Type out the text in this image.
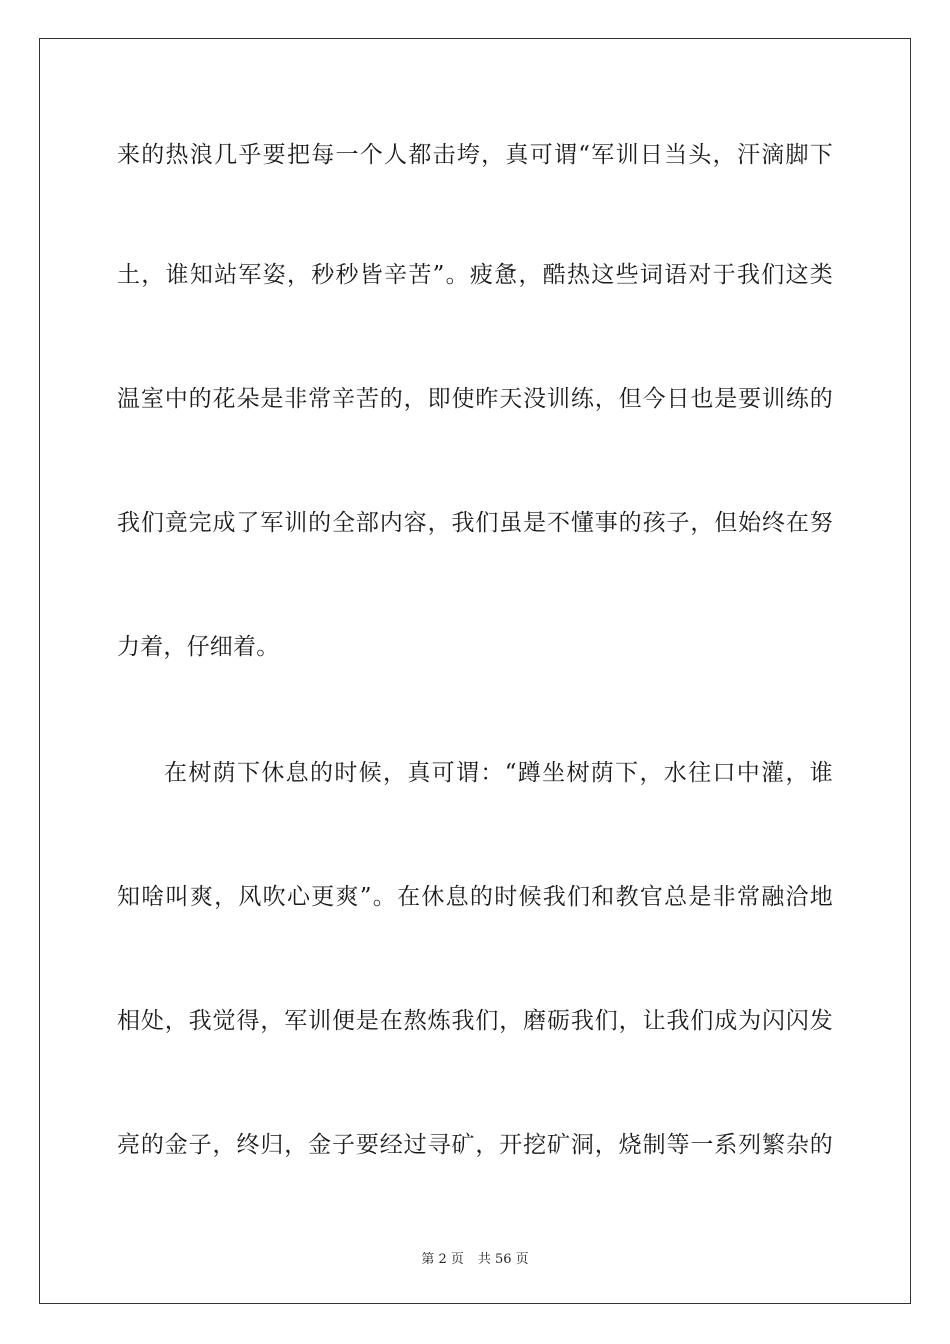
来的热浪几乎要把每一个人都击垮，真可谓“军训日当头，汗滴脚下
土，谁知站军姿，秒秒皆辛苦”。疲惫，酷热这些词语对于我们这类
温室中的花朵是非常辛苦的，即使昨天没训练，但今日也是要训练的
我们竟完成了军训的全部内容，我们虽是不懂事的孩子，但始终在努
力着，仔细着。
在树荫下休息的时候，真可谓：“蹲坐树荫下，水往口中灌，谁
知啥叫爽，风吹心更爽”。在休息的时候我们和教官总是非常融洽地
相处，我觉得，军训便是在熬炼我们，磨砺我们，让我们成为闪闪发
亮的金子，终归，金子要经过寻矿，开挖矿洞，烧制等一系列繁杂的
第 2 页 共 56 页
